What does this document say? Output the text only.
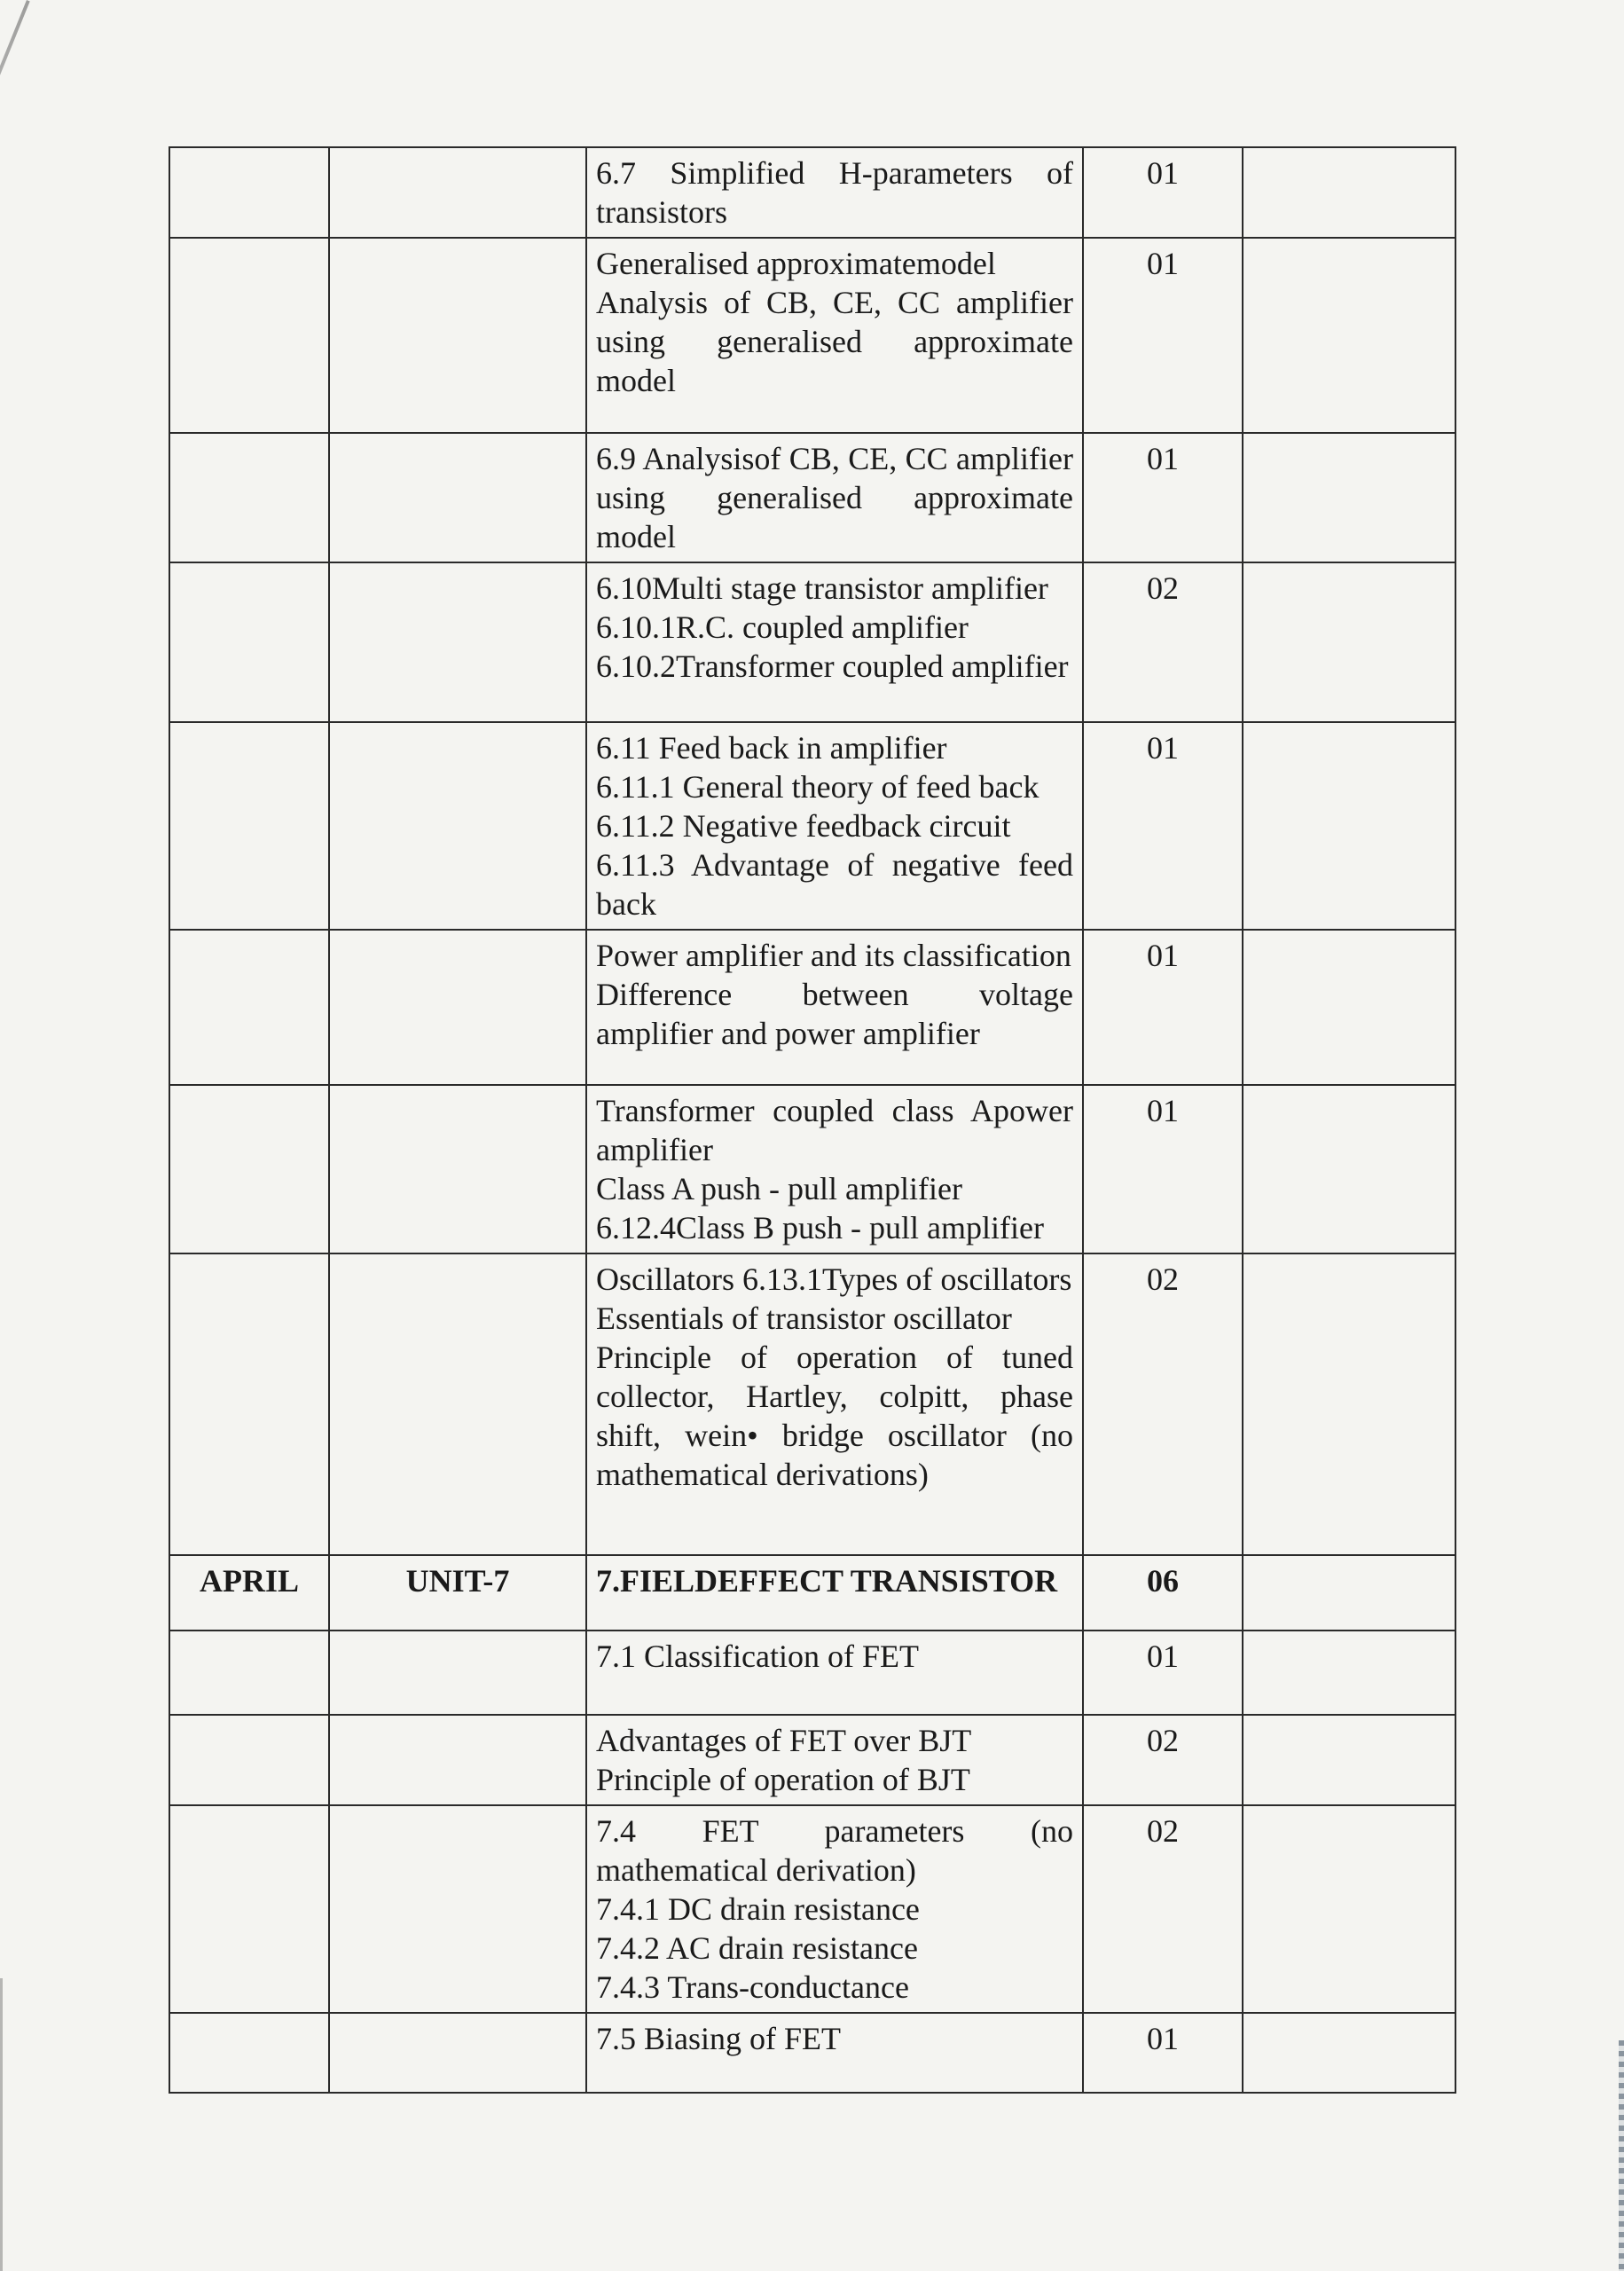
		6.7 Simplified H-parameters of transistors	01	

		Generalised approximatemodel
Analysis of CB, CE, CC amplifier using generalised approximate model	01	

		6.9 Analysisof CB, CE, CC amplifier using generalised approximate model	01	

		6.10Multi stage transistor amplifier
6.10.1R.C. coupled amplifier
6.10.2Transformer coupled amplifier	02	

		6.11 Feed back in amplifier
6.11.1 General theory of feed back
6.11.2 Negative feedback circuit
6.11.3 Advantage of negative feed back	01	

		Power amplifier and its classification
Difference between voltage amplifier and power amplifier	01	

		Transformer coupled class Apower amplifier
Class A push - pull amplifier
6.12.4Class B push - pull amplifier	01	

		Oscillators 6.13.1Types of oscillators
Essentials of transistor oscillator
Principle of operation of tuned collector, Hartley, colpitt, phase shift, wein• bridge oscillator (no mathematical derivations)	02	
APRIL	UNIT-7	7.FIELDEFFECT TRANSISTOR	06	

		7.1 Classification of FET	01	

		Advantages of FET over BJT
Principle of operation of BJT	02	

		7.4 FET parameters (no mathematical derivation)
7.4.1 DC drain resistance
7.4.2 AC drain resistance
7.4.3 Trans-conductance	02	

		7.5 Biasing of FET	01	
